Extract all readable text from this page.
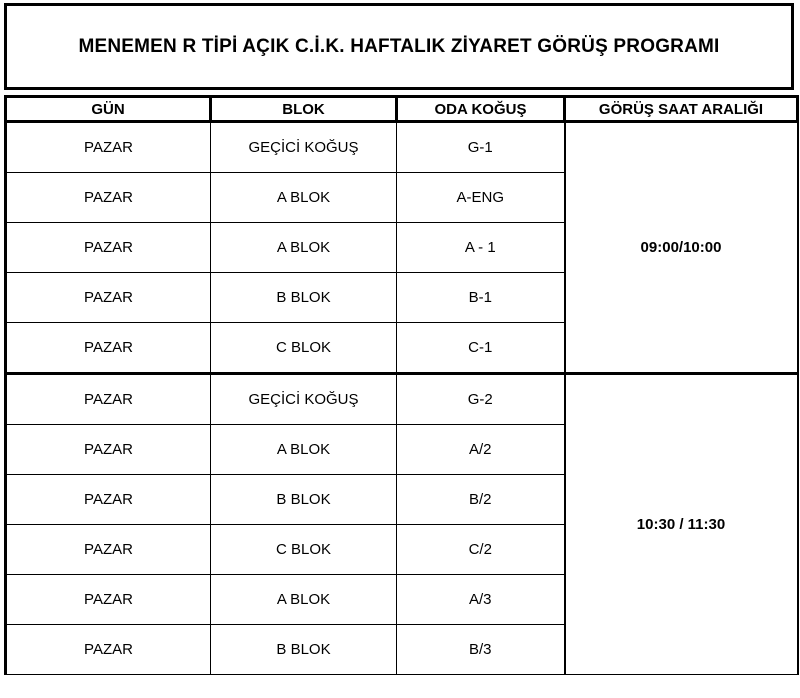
MENEMEN R TİPİ AÇIK C.İ.K. HAFTALIK ZİYARET GÖRÜŞ PROGRAMI
GÜN	BLOK	ODA KOĞUŞ	GÖRÜŞ SAAT ARALIĞI
PAZAR	GEÇİCİ KOĞUŞ	G-1	09:00/10:00
PAZAR	A BLOK	A-ENG	
PAZAR	A BLOK	A - 1	
PAZAR	B BLOK	B-1	
PAZAR	C BLOK	C-1	
PAZAR	GEÇİCİ KOĞUŞ	G-2	10:30 / 11:30
PAZAR	A BLOK	A/2	
PAZAR	B BLOK	B/2	
PAZAR	C BLOK	C/2	
PAZAR	A BLOK	A/3	
PAZAR	B BLOK	B/3	
